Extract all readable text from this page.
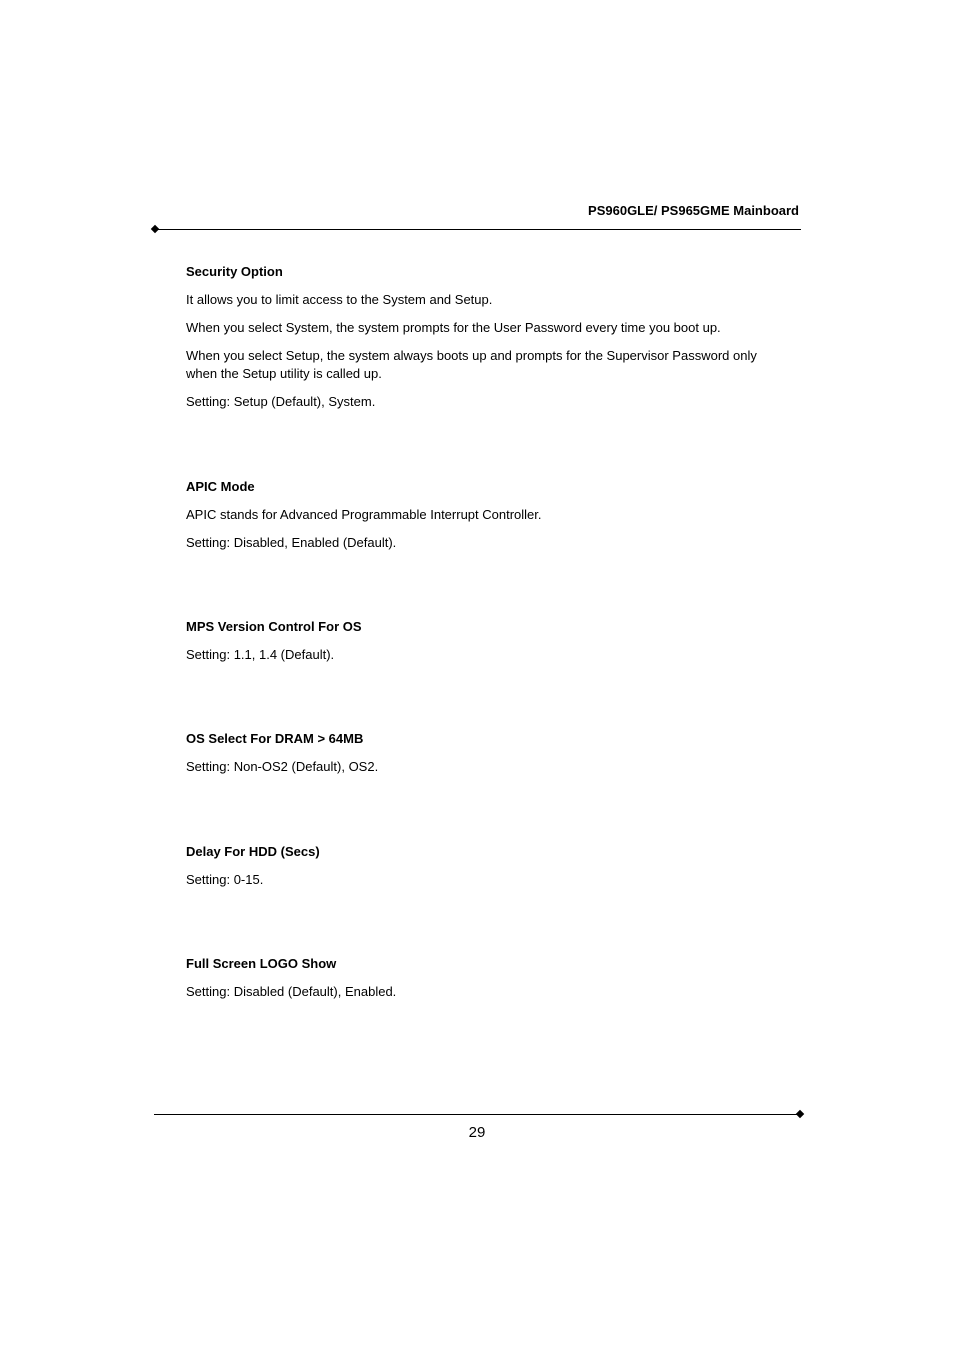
PS960GLE/ PS965GME Mainboard
Security Option
It allows you to limit access to the System and Setup.
When you select System, the system prompts for the User Password every time you boot up.
When you select Setup, the system always boots up and prompts for the Supervisor Password only when the Setup utility is called up.
Setting: Setup (Default), System.
APIC Mode
APIC stands for Advanced Programmable Interrupt Controller.
Setting: Disabled, Enabled (Default).
MPS Version Control For OS
Setting: 1.1, 1.4 (Default).
OS Select For DRAM > 64MB
Setting: Non-OS2 (Default), OS2.
Delay For HDD (Secs)
Setting: 0-15.
Full Screen LOGO Show
Setting: Disabled (Default), Enabled.
29
